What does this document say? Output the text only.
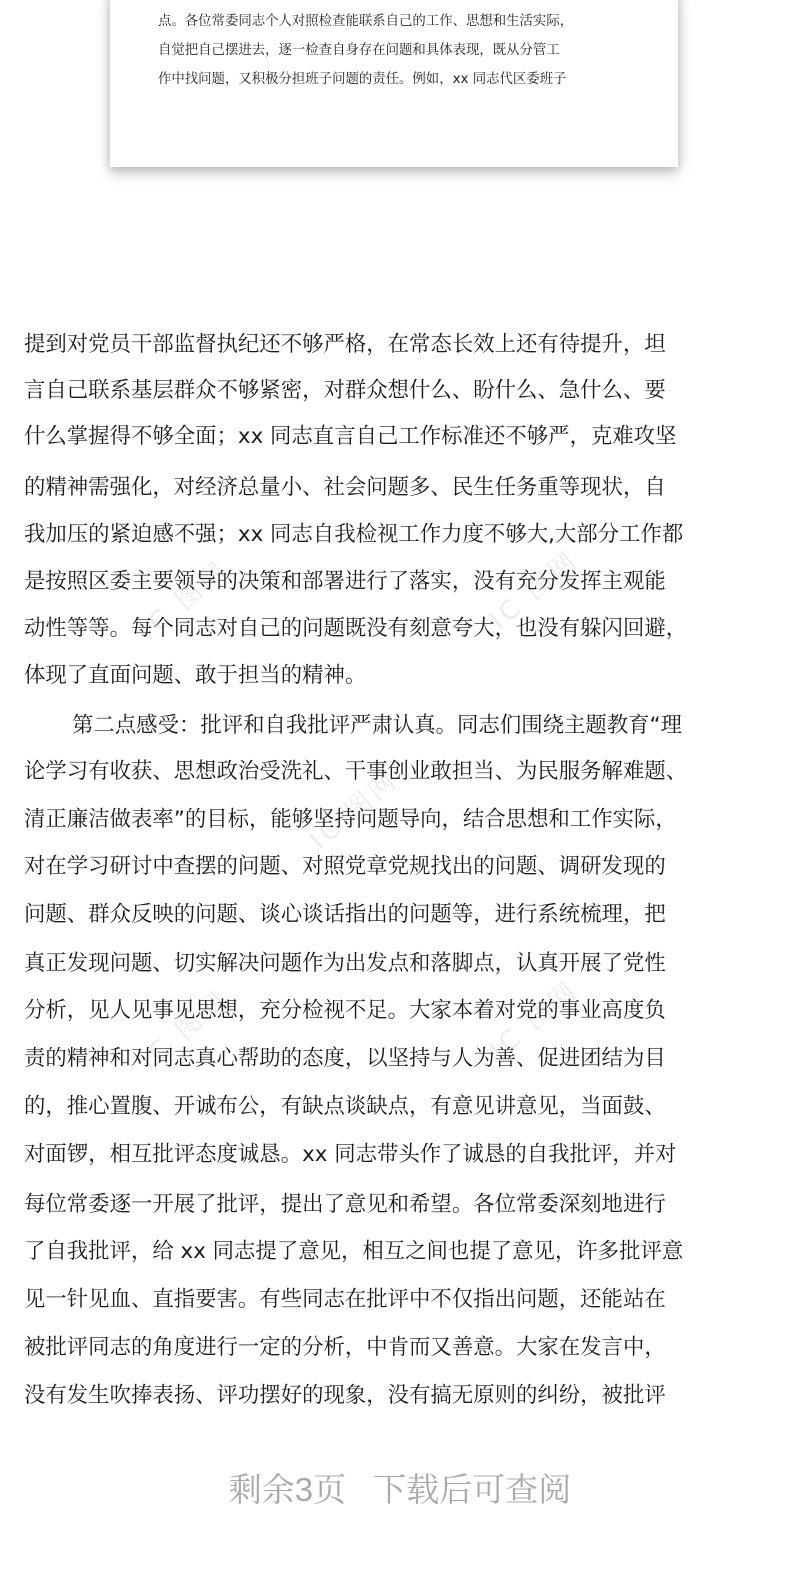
IC 图网	IC 图网
IC 图网
IC 图网	IC 图网
点。各位常委同志个人对照检查能联系自己的工作、思想和生活实际，
自觉把自己摆进去，逐一检查自身存在问题和具体表现，既从分管工
作中找问题，又积极分担班子问题的责任。例如，xx 同志代区委班子
提到对党员干部监督执纪还不够严格，在常态长效上还有待提升，坦
言自己联系基层群众不够紧密，对群众想什么、盼什么、急什么、要
什么掌握得不够全面；xx 同志直言自己工作标准还不够严，克难攻坚
的精神需强化，对经济总量小、社会问题多、民生任务重等现状，自
我加压的紧迫感不强；xx 同志自我检视工作力度不够大,大部分工作都
是按照区委主要领导的决策和部署进行了落实，没有充分发挥主观能
动性等等。每个同志对自己的问题既没有刻意夸大，也没有躲闪回避，
体现了直面问题、敢于担当的精神。
第二点感受：批评和自我批评严肃认真。同志们围绕主题教育“理
论学习有收获、思想政治受洗礼、干事创业敢担当、为民服务解难题、
清正廉洁做表率”的目标，能够坚持问题导向，结合思想和工作实际，
对在学习研讨中查摆的问题、对照党章党规找出的问题、调研发现的
问题、群众反映的问题、谈心谈话指出的问题等，进行系统梳理，把
真正发现问题、切实解决问题作为出发点和落脚点，认真开展了党性
分析，见人见事见思想，充分检视不足。大家本着对党的事业高度负
责的精神和对同志真心帮助的态度，以坚持与人为善、促进团结为目
的，推心置腹、开诚布公，有缺点谈缺点，有意见讲意见，当面鼓、
对面锣，相互批评态度诚恳。xx 同志带头作了诚恳的自我批评，并对
每位常委逐一开展了批评，提出了意见和希望。各位常委深刻地进行
了自我批评，给 xx 同志提了意见，相互之间也提了意见，许多批评意
见一针见血、直指要害。有些同志在批评中不仅指出问题，还能站在
被批评同志的角度进行一定的分析，中肯而又善意。大家在发言中，
没有发生吹捧表扬、评功摆好的现象，没有搞无原则的纠纷，被批评
剩余3页 下载后可查阅
